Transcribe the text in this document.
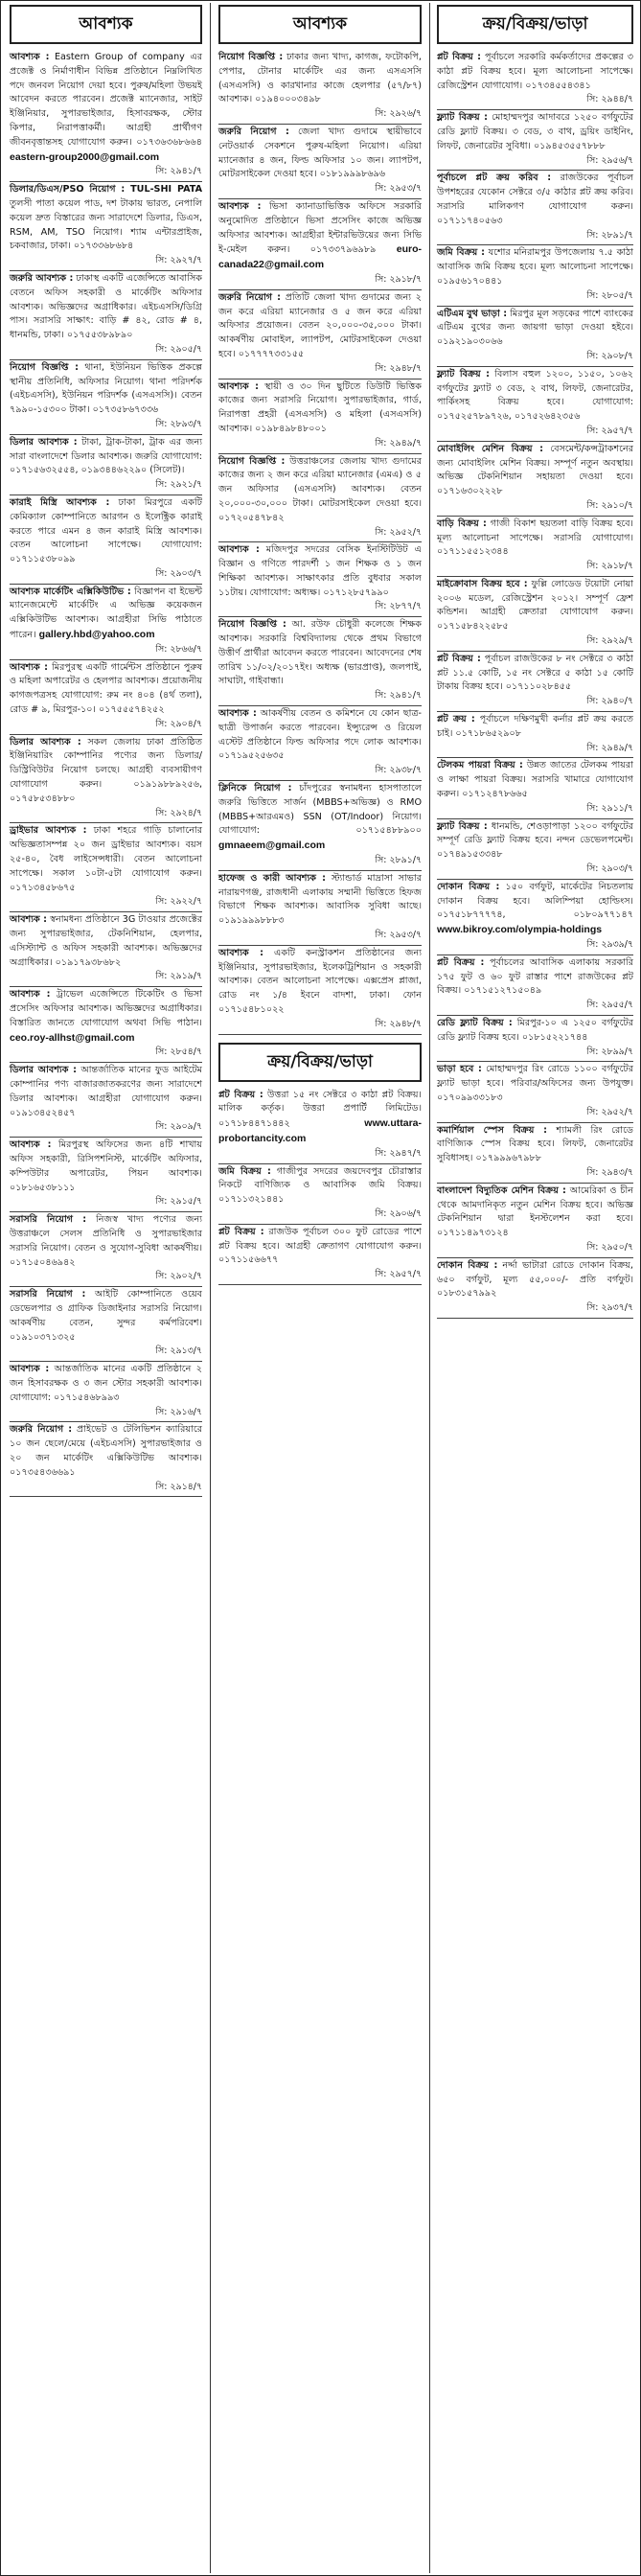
আবশ্যক
আবশ্যক : Eastern Group of company এর প্রজেক্ট ও নির্মাণাধীন বিভিন্ন প্রতিষ্ঠানে নিম্নলিখিত পদে জনবল নিয়োগ দেয়া হবে। পুরুষ/মহিলা উভয়ই আবেদন করতে পারবেন। প্রজেক্ট ম্যানেজার, সাইট ইঞ্জিনিয়ার, সুপারভাইজার, হিসাবরক্ষক, স্টোর কিপার, নিরাপত্তাকর্মী। আগ্রহী প্রার্থীগণ জীবনবৃত্তান্তসহ যোগাযোগ করুন। ০১৭৩৬৩৬৮৬৬৪ eastern-group2000@gmail.com
সি: ২৯৪১/৭
ডিলার/ডিএস/PSO নিয়োগ : TUL-SHI PATA তুলসী পাতা কয়েল পাড, দশ টাকায় ভারত, নেপালি কয়েল দ্রুত বিস্তারের জন্য সারাদেশে ডিলার, ডিএস, RSM, AM, TSO নিয়োগ। শ্যাম এন্টারপ্রাইজ, চকবাজার, ঢাকা। ০১৭৩৩৬৮৬৮৪
সি: ২৯২৭/৭
জরুরি আবশ্যক : ঢাকাস্থ একটি এজেন্সিতে আবাসিক বেতনে অফিস সহকারী ও মার্কেটিং অফিসার আবশ্যক। অভিজ্ঞদের অগ্রাধিকার। এইচএসসি/ডিগ্রি পাস। সরাসরি সাক্ষাৎ: বাড়ি # ৪২, রোড # ৪, ধানমন্ডি, ঢাকা। ০১৭৫৫৩৮৯৮৯০
সি: ২৯০৫/৭
নিয়োগ বিজ্ঞপ্তি : থানা, ইউনিয়ন ভিত্তিক প্রকল্পে স্থানীয় প্রতিনিধি, অফিসার নিয়োগ। থানা পরিদর্শক (এইচএসসি), ইউনিয়ন পরিদর্শক (এসএসসি)। বেতন ৭৯৯০-১৫৩০০ টাকা। ০১৭৩৫৮৬৭৩৩৬
সি: ২৮৯৩/৭
ডিলার আবশ্যক : টাকা, ট্রাক-টাকা, ট্রাক এর জন্য সারা বাংলাদেশে ডিলার আবশ্যক। জরুরি যোগাযোগ: ০১৭১৫৬৩২৫৫৪, ০১৯৩৪৪৬২২৯০ (সিলেট)।
সি: ২৯২১/৭
কারাই মিস্ত্রি আবশ্যক : ঢাকা মিরপুরে একটি কেমিক্যাল কোম্পানিতে আরগন ও ইলেক্ট্রিক কারাই করতে পারে এমন ৪ জন কারাই মিস্ত্রি আবশ্যক। বেতন আলোচনা সাপেক্ষে। যোগাযোগ: ০১৭১১৫৩৮০৯৯
সি: ২৯০৩/৭
আবশ্যক মার্কেটিং এক্সিকিউটিভ : বিজ্ঞাপন বা ইভেন্ট ম্যানেজমেন্টে মার্কেটিং এ অভিজ্ঞ কয়েকজন এক্সিকিউটিভ আবশ্যক। আগ্রহীরা সিভি পাঠাতে পারেন। gallery.hbd@yahoo.com
সি: ২৮৬৬/৭
আবশ্যক : মিরপুরস্থ একটি গার্মেন্টস প্রতিষ্ঠানে পুরুষ ও মহিলা অপারেটর ও হেলপার আবশ্যক। প্রয়োজনীয় কাগজপত্রসহ যোগাযোগ: রুম নং ৪০৪ (৪র্থ তলা), রোড # ৯, মিরপুর-১০। ০১৭৫৫৫৭৪২৫২
সি: ২৯০৪/৭
ডিলার আবশ্যক : সকল জেলায় ঢাকা প্রতিষ্ঠিত ইঞ্জিনিয়ারিং কোম্পানির পণ্যের জন্য ডিলার/ডিস্ট্রিবিউটর নিয়োগ চলছে। আগ্রহী ব্যবসায়ীগণ যোগাযোগ করুন। ০১৯১৯৮৮৯২৫৬, ০১৭৫৮৫৩৪৮৮০
সি: ২৯২৪/৭
ড্রাইভার আবশ্যক : ঢাকা শহরে গাড়ি চালানোর অভিজ্ঞতাসম্পন্ন ২০ জন ড্রাইভার আবশ্যক। বয়স ২৫-৪০, বৈধ লাইসেন্সধারী। বেতন আলোচনা সাপেক্ষে। সকাল ১০টা-৫টা যোগাযোগ করুন। ০১৭১৩৪৫৮৬৭৫
সি: ২৯২২/৭
আবশ্যক : স্বনামধন্য প্রতিষ্ঠানে 3G টাওয়ার প্রজেক্টের জন্য সুপারভাইজার, টেকনিশিয়ান, হেলপার, এসিস্ট্যান্ট ও অফিস সহকারী আবশ্যক। অভিজ্ঞদের অগ্রাধিকার। ০১৯১৭৯৩৮৬৮২
সি: ২৯১৯/৭
আবশ্যক : ট্রাভেল এজেন্সিতে টিকেটিং ও ভিসা প্রসেসিং অফিসার আবশ্যক। অভিজ্ঞদের অগ্রাধিকার। বিস্তারিত জানতে যোগাযোগ অথবা সিভি পাঠান। ceo.roy-allhst@gmail.com
সি: ২৮৫৪/৭
ডিলার আবশ্যক : আন্তর্জাতিক মানের ফুড আইটেম কোম্পানির পণ্য বাজারজাতকরণের জন্য সারাদেশে ডিলার আবশ্যক। আগ্রহীরা যোগাযোগ করুন। ০১৯১৩৪৫২৪৫৭
সি: ২৯০৯/৭
আবশ্যক : মিরপুরস্থ অফিসের জন্য ৪টি শাখায় অফিস সহকারী, রিসিপশনিস্ট, মার্কেটিং অফিসার, কম্পিউটার অপারেটর, পিয়ন আবশ্যক। ০১৮১৬৫৩৮১১১
সি: ২৯১৫/৭
সরাসরি নিয়োগ : নিজস্ব খাদ্য পণ্যের জন্য উত্তরাঞ্চলে সেলস প্রতিনিধি ও সুপারভাইজার সরাসরি নিয়োগ। বেতন ও সুযোগ-সুবিধা আকর্ষণীয়। ০১৭১৫০৪৬৯৪২
সি: ২৯০২/৭
সরাসরি নিয়োগ : আইটি কোম্পানিতে ওয়েব ডেভেলপার ও গ্রাফিক ডিজাইনার সরাসরি নিয়োগ। আকর্ষণীয় বেতন, সুন্দর কর্মপরিবেশ। ০১৯১০৩৭১৩২৫
সি: ২৯১৩/৭
আবশ্যক : আন্তর্জাতিক মানের একটি প্রতিষ্ঠানে ২ জন হিসাবরক্ষক ও ৩ জন স্টোর সহকারী আবশ্যক। যোগাযোগ: ০১৭১৫৪৬৮৯৯৩
সি: ২৯১৬/৭
জরুরি নিয়োগ : প্রাইভেট ও টেলিভিশন ক্যারিয়ারে ১০ জন ছেলে/মেয়ে (এইচএসসি) সুপারভাইজার ও ২০ জন মার্কেটিং এক্সিকিউটিভ আবশ্যক। ০১৭৩৫৪৩৬৬৯১
সি: ২৯১৪/৭
আবশ্যক
নিয়োগ বিজ্ঞপ্তি : ঢাকার জন্য খাদ্য, কাগজ, ফটোকপি, পেপার, টোনার মার্কেটিং এর জন্য এসএসসি (এসএসসি) ও কারখানার কাজে হেলপার (৫৭/৮৭) আবশ্যক। ০১৯৪০০০৩৪৯৮
সি: ২৯২৬/৭
জরুরি নিয়োগ : জেলা খাদ্য গুদামে স্থায়ীভাবে নেটওয়ার্ক সেকশনে পুরুষ-মহিলা নিয়োগ। এরিয়া ম্যানেজার ৪ জন, ফিল্ড অফিসার ১০ জন। ল্যাপটপ, মোটরসাইকেল দেওয়া হবে। ০১৮১৯৯৯৮৬৯৬
সি: ২৯৫৩/৭
আবশ্যক : ভিসা ক্যানাডাভিত্তিক অফিসে সরকারি অনুমোদিত প্রতিষ্ঠানে ভিসা প্রসেসিং কাজে অভিজ্ঞ অফিসার আবশ্যক। আগ্রহীরা ইন্টারভিউয়ের জন্য সিভি ই-মেইল করুন। ০১৭৩৩৭৯৬৯৮৯ euro-canada22@gmail.com
সি: ২৯১৮/৭
জরুরি নিয়োগ : প্রতিটি জেলা খাদ্য গুদামের জন্য ২ জন করে এরিয়া ম্যানেজার ও ৫ জন করে এরিয়া অফিসার প্রয়োজন। বেতন ২০,০০০-৩৫,০০০ টাকা। আকর্ষণীয় মোবাইল, ল্যাপটপ, মোটরসাইকেল দেওয়া হবে। ০১৭৭৭৭৩৩১৫৫
সি: ২৯৪৮/৭
আবশ্যক : স্থায়ী ও ৩০ দিন ছুটিতে ডিউটি ভিত্তিক কাজের জন্য সরাসরি নিয়োগ। সুপারভাইজার, গার্ড, নিরাপত্তা প্রহরী (এসএসসি) ও মহিলা (এসএসসি) আবশ্যক। ০১৯৮৪৯৮৪৮০০১
সি: ২৯৪৯/৭
নিয়োগ বিজ্ঞপ্তি : উত্তরাঞ্চলের জেলায় খাদ্য গুদামের কাজের জন্য ২ জন করে এরিয়া ম্যানেজার (এমএ) ও ৫ জন অফিসার (এসএসসি) আবশ্যক। বেতন ২০,০০০-৩০,০০০ টাকা। মোটরসাইকেল দেওয়া হবে। ০১৭২০৫৪৭৮৪২
সি: ২৯৫২/৭
আবশ্যক : মজিদপুর সদরের বেসিক ইনস্টিটিউট এ বিজ্ঞান ও গণিতে পারদর্শী ১ জন শিক্ষক ও ১ জন শিক্ষিকা আবশ্যক। সাক্ষাৎকার প্রতি বুধবার সকাল ১১টায়। যোগাযোগ: অধ্যক্ষ। ০১৭১২৮৫৭৯৯০
সি: ২৮৭৭/৭
নিয়োগ বিজ্ঞপ্তি : আ. রউফ চৌধুরী কলেজে শিক্ষক আবশ্যক। সরকারি বিশ্ববিদ্যালয় থেকে প্রথম বিভাগে উত্তীর্ণ প্রার্থীরা আবেদন করতে পারবেন। আবেদনের শেষ তারিখ ১১/০২/২০১৭ইং। অধ্যক্ষ (ভারপ্রাপ্ত), জলপাই, সাঘাটা, গাইবান্ধা।
সি: ২৯৪১/৭
আবশ্যক : আকর্ষণীয় বেতন ও কমিশনে যে কোন ছাত্র-ছাত্রী উপার্জন করতে পারবেন। ইন্স্যুরেন্স ও রিয়েল এস্টেট প্রতিষ্ঠানে ফিল্ড অফিসার পদে লোক আবশ্যক। ০১৭১৯৫২৫৬৩৫
সি: ২৯৩৮/৭
ক্লিনিকে নিয়োগ : চাঁদপুরের স্বনামধন্য হাসপাতালে জরুরি ভিত্তিতে সার্জন (MBBS+অভিজ্ঞ) ও RMO (MBBS+আরএমও) SSN (OT/Indoor) নিয়োগ। যোগাযোগ: ০১৭১৫৪৮৮৯০০ gmnaeem@gmail.com
সি: ২৮৯১/৭
হাফেজ ও কারী আবশ্যক : স্ট্যান্ডার্ড মাদ্রাসা সাভার নারায়ণগঞ্জ, রাজধানী এলাকায় সম্মানী ভিত্তিতে হিফজ বিভাগে শিক্ষক আবশ্যক। আবাসিক সুবিধা আছে। ০১৯১৯৯৯৮৮৮৩
সি: ২৯৫৩/৭
আবশ্যক : একটি কনস্ট্রাকশন প্রতিষ্ঠানের জন্য ইঞ্জিনিয়ার, সুপারভাইজার, ইলেকট্রিশিয়ান ও সহকারী আবশ্যক। বেতন আলোচনা সাপেক্ষে। এক্সপ্রেস প্লাজা, রোড নং ১/৪ ইবনে বাদশা, ঢাকা। ফোন ০১৭১৫৪৮১০২২
সি: ২৯৪৮/৭
ক্রয়/বিক্রয়/ভাড়া
প্লট বিক্রয় : উত্তরা ১৫ নং সেক্টরে ৩ কাঠা প্লট বিক্রয়। মালিক কর্তৃক। উত্তরা প্রপার্টি লিমিটেড। ০১৭১৮৪৪৭১৪৪২	www.uttara-probortancity.com
সি: ২৯৪৭/৭
জমি বিক্রয় : গাজীপুর সদরের জয়দেবপুর চৌরাস্তার নিকটে বাণিজ্যিক ও আবাসিক জমি বিক্রয়। ০১৭১১৩২১৪৪১
সি: ২৯০৬/৭
প্লট বিক্রয় : রাজউক পূর্বাচল ৩০০ ফুট রোডের পাশে প্লট বিক্রয় হবে। আগ্রহী ক্রেতাগণ যোগাযোগ করুন। ০১৭১১৫৬৬৭৭
সি: ২৯৫৭/৭
ক্রয়/বিক্রয়/ভাড়া
প্লট বিক্রয় : পূর্বাচলে সরকারি কর্মকর্তাদের প্রকল্পের ৩ কাঠা প্লট বিক্রয় হবে। মূল্য আলোচনা সাপেক্ষে। রেজিস্ট্রেশন যোগাযোগ। ০১৭৩৪৫৫৪৩৪১
সি: ২৯৪৪/৭
ফ্ল্যাট বিক্রয় : মোহাম্মদপুর আদাবরে ১২৫০ বর্গফুটের রেডি ফ্ল্যাট বিক্রয়। ৩ বেড, ৩ বাথ, ড্রয়িং ডাইনিং, লিফট, জেনারেটর সুবিধা। ০১৯৪৫৩৫৫৭৮৮৮
সি: ২৯৫৬/৭
পূর্বাচলে প্লট ক্রয় করিব : রাজউকের পূর্বাচল উপশহরের যেকোন সেক্টরে ৩/৫ কাঠার প্লট ক্রয় করিব। সরাসরি মালিকগণ যোগাযোগ করুন। ০১৭১১৭৪০৫৬৩
সি: ২৮৯১/৭
জমি বিক্রয় : যশোর মনিরামপুর উপজেলায় ৭.৫ কাঠা আবাসিক জমি বিক্রয় হবে। মূল্য আলোচনা সাপেক্ষে। ০১৯৫৬১৭০৪৪১
সি: ২৮০৫/৭
এটিএম বুথ ভাড়া : মিরপুর মূল সড়কের পাশে ব্যাংকের এটিএম বুথের জন্য জায়গা ভাড়া দেওয়া হইবে। ০১৯২১৯০৩০৬৬
সি: ২৯০৮/৭
ফ্ল্যাট বিক্রয় : বিলাস বহুল ১২০০, ১১৫০, ১০৬২ বর্গফুটের ফ্ল্যাট ৩ বেড, ২ বাথ, লিফট, জেনারেটর, পার্কিংসহ বিক্রয় হবে। যোগাযোগ: ০১৭৫২৫৭৮৯৭২৬, ০১৭৫২৬৪২৩৫৬
সি: ২৯৫৭/৭
মোবাইলিং মেশিন বিক্রয় : বেসমেন্ট/কন্সট্রাকশনের জন্য মোবাইলিং মেশিন বিক্রয়। সম্পূর্ণ নতুন অবস্থায়। অভিজ্ঞ টেকনিশিয়ান সহায়তা দেওয়া হবে। ০১৭১৬৩০২২২৮
সি: ২৯১০/৭
বাড়ি বিক্রয় : গাজী বিকাশ ছয়তলা বাড়ি বিক্রয় হবে। মূল্য আলোচনা সাপেক্ষে। সরাসরি যোগাযোগ। ০১৭১১৫৫১২৩৪৪
সি: ২৯১৮/৭
মাইক্রোবাস বিক্রয় হবে : ফুল্লি লোডেড টয়োটা নোয়া ২০০৬ মডেল, রেজিস্ট্রেশন ২০১২। সম্পূর্ণ ফ্রেশ কন্ডিশন। আগ্রহী ক্রেতারা যোগাযোগ করুন। ০১৭১৫৮৪২২৫৮৫
সি: ২৯২৯/৭
প্লট বিক্রয় : পূর্বাচল রাজউকের ৮ নং সেক্টরে ৩ কাঠা প্লট ১১.৫ কোটি, ১৫ নং সেক্টরে ৫ কাঠা ১৫ কোটি টাকায় বিক্রয় হবে। ০১৭১১০২৮৪৫৫
সি: ২৯৪০/৭
প্লট ক্রয় : পূর্বাচলে দক্ষিণমুখী কর্নার প্লট ক্রয় করতে চাই। ০১৭১৮৬৫২৯০৮
সি: ২৯৪৯/৭
টেলকম পায়রা বিক্রয় : উন্নত জাতের টেলকম পায়রা ও লাক্ষা পায়রা বিক্রয়। সরাসরি খামারে যোগাযোগ করুন। ০১৭১২৪৭৮৬৬৫
সি: ২৯১১/৭
ফ্ল্যাট বিক্রয় : ধানমন্ডি, শেওড়াপাড়া ১২০০ বর্গফুটের সম্পূর্ণ রেডি ফ্ল্যাট বিক্রয় হবে। নন্দন ডেভেলপমেন্ট। ০১৭৪৯১৫৩৩৪৮
সি: ২৯০৩/৭
দোকান বিক্রয় : ১৫০ বর্গফুট, মার্কেটের নিচতলায় দোকান বিক্রয় হবে। অলিম্পিয়া হোল্ডিংস। ০১৭৫১৮৭৭৭৭৪, ০১৮০৯৭৭১৪৭ www.bikroy.com/olympia-holdings
সি: ২৯৩৯/৭
প্লট বিক্রয় : পূর্বাচলের আবাসিক এলাকায় সরকারি ১৭৫ ফুট ও ৬০ ফুট রাস্তার পাশে রাজউকের প্লট বিক্রয়। ০১৭১৫১২৭১৫০৪৯
সি: ২৯৫৫/৭
রেডি ফ্ল্যাট বিক্রয় : মিরপুর-১০ এ ১২৫০ বর্গফুটের রেডি ফ্ল্যাট বিক্রয় হবে। ০১৮১৫২২১৭৪৪
সি: ২৮৯৯/৭
ভাড়া হবে : মোহাম্মদপুর রিং রোডে ১১০০ বর্গফুটের ফ্ল্যাট ভাড়া হবে। পরিবার/অফিসের জন্য উপযুক্ত। ০১৭০৯৯৩৩১৮৩
সি: ২৯৫২/৭
কমার্শিয়াল স্পেস বিক্রয় : শ্যামলী রিং রোডে বাণিজ্যিক স্পেস বিক্রয় হবে। লিফট, জেনারেটর সুবিধাসহ। ০১৭৯৯৯৬৭৯৮৮
সি: ২৯৪৩/৭
বাংলাদেশ বিদ্যুতিক মেশিন বিক্রয় : আমেরিকা ও চীন থেকে আমদানিকৃত নতুন মেশিন বিক্রয় হবে। অভিজ্ঞ টেকনিশিয়ান দ্বারা ইনস্টলেশন করা হবে। ০১৭১১৪৯৭৩১২৪
সি: ২৯৫০/৭
দোকান বিক্রয় : নর্দ্দা ভাটারা রোডে দোকান বিক্রয়, ৬৫০ বর্গফুট, মূল্য ৫৫,০০০/- প্রতি বর্গফুট। ০১৮৩১৫৭৯৯২
সি: ২৯৩৭/৭
